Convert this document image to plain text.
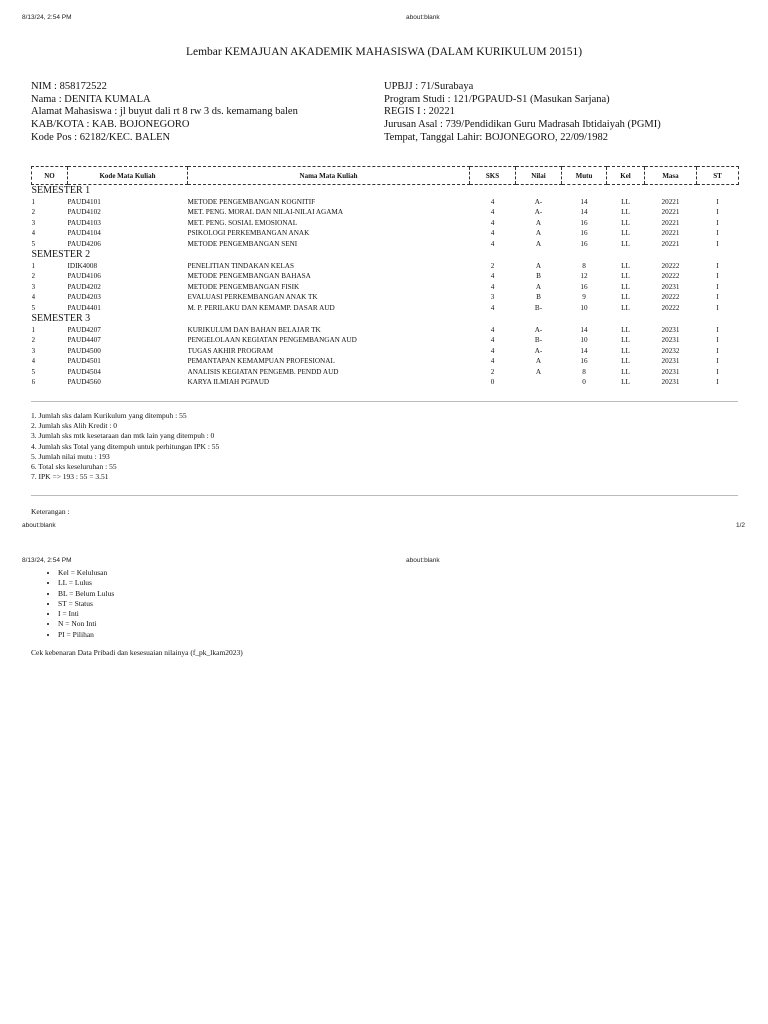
8/13/24, 2:54 PM	about:blank
Lembar KEMAJUAN AKADEMIK MAHASISWA (DALAM KURIKULUM 20151)
NIM : 858172522
Nama : DENITA KUMALA
Alamat Mahasiswa : jl buyut dali rt 8 rw 3 ds. kemamang balen
KAB/KOTA : KAB. BOJONEGORO
Kode Pos : 62182/KEC. BALEN
UPBJJ : 71/Surabaya
Program Studi : 121/PGPAUD-S1 (Masukan Sarjana)
REGIS I : 20221
Jurusan Asal : 739/Pendidikan Guru Madrasah Ibtidaiyah (PGMI)
Tempat, Tanggal Lahir: BOJONEGORO, 22/09/1982
NO	Kode Mata Kuliah	Nama Mata Kuliah	SKS	Nilai	Mutu	Kel	Masa	ST
SEMESTER 1								
1	PAUD4101	METODE PENGEMBANGAN KOGNITIF	4	A-	14	LL	20221	I
2	PAUD4102	MET. PENG. MORAL DAN NILAI-NILAI AGAMA	4	A-	14	LL	20221	I
3	PAUD4103	MET. PENG. SOSIAL EMOSIONAL	4	A	16	LL	20221	I
4	PAUD4104	PSIKOLOGI PERKEMBANGAN ANAK	4	A	16	LL	20221	I
5	PAUD4206	METODE PENGEMBANGAN SENI	4	A	16	LL	20221	I
SEMESTER 2								
1	IDIK4008	PENELITIAN TINDAKAN KELAS	2	A	8	LL	20222	I
2	PAUD4106	METODE PENGEMBANGAN BAHASA	4	B	12	LL	20222	I
3	PAUD4202	METODE PENGEMBANGAN FISIK	4	A	16	LL	20231	I
4	PAUD4203	EVALUASI PERKEMBANGAN ANAK TK	3	B	9	LL	20222	I
5	PAUD4401	M. P. PERILAKU DAN KEMAMP. DASAR AUD	4	B-	10	LL	20222	I
SEMESTER 3								
1	PAUD4207	KURIKULUM DAN BAHAN BELAJAR TK	4	A-	14	LL	20231	I
2	PAUD4407	PENGELOLAAN KEGIATAN PENGEMBANGAN AUD	4	B-	10	LL	20231	I
3	PAUD4500	TUGAS AKHIR PROGRAM	4	A-	14	LL	20232	I
4	PAUD4501	PEMANTAPAN KEMAMPUAN PROFESIONAL	4	A	16	LL	20231	I
5	PAUD4504	ANALISIS KEGIATAN PENGEMB. PENDD AUD	2	A	8	LL	20231	I
6	PAUD4560	KARYA ILMIAH PGPAUD	0		0	LL	20231	I
1. Jumlah sks dalam Kurikulum yang ditempuh : 55
2. Jumlah sks Alih Kredit : 0
3. Jumlah sks mtk kesetaraan dan mtk lain yang ditempuh : 0
4. Jumlah sks Total yang ditempuh untuk perhitungan IPK : 55
5. Jumlah nilai mutu : 193
6. Total sks keseluruhan : 55
7. IPK => 193 : 55 = 3.51
Keterangan :
about:blank	1/2
8/13/24, 2:54 PM	about:blank
• Kel = Kelulusan
• LL = Lulus
• BL = Belum Lulus
• ST = Status
• I = Inti
• N = Non Inti
• PI = Pilihan
Cek kebenaran Data Pribadi dan kesesuaian nilainya (f_pk_lkam2023)
